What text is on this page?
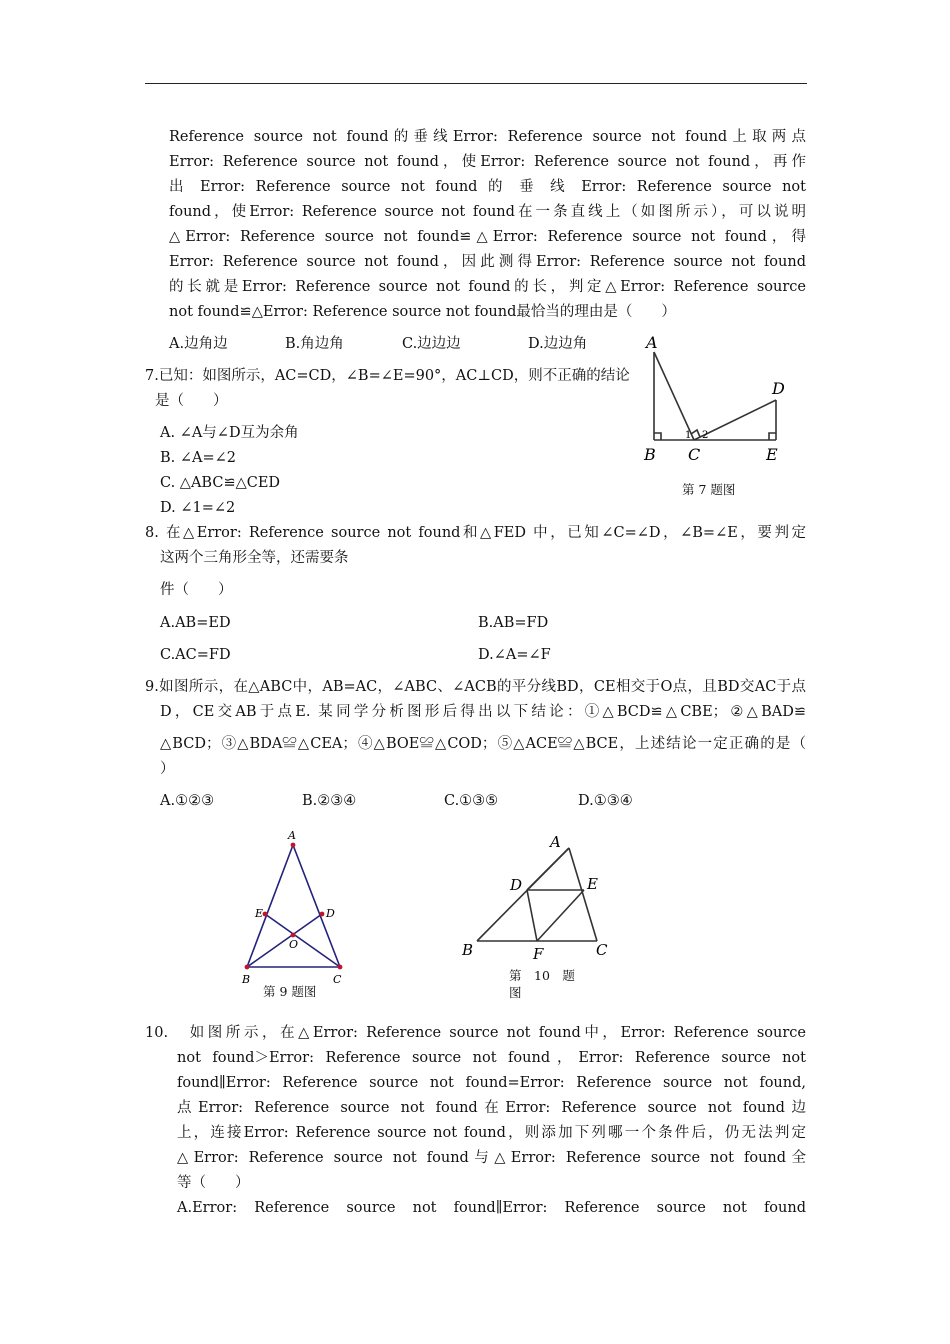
Reference source not found的垂线Error: Reference source not found上取两点
Error: Reference source not found，使Error: Reference source not found，再作
出 Error: Reference source not found 的 垂 线 Error: Reference source not
found，使Error: Reference source not found在一条直线上（如图所示），可以说明
△Error: Reference source not found≌△Error: Reference source not found，得
Error: Reference source not found，因此测得Error: Reference source not found
的长就是Error: Reference source not found的长，判定△Error: Reference source
not found≌△Error: Reference source not found最恰当的理由是（　　）
A.边角边	B.角边角	C.边边边	D.边边角
7.已知：如图所示，AC=CD，∠B=∠E=90°，AC⊥CD，则不正确的结论
是（　　）
A. ∠A与∠D互为余角
B. ∠A=∠2
C. △ABC≌△CED
D. ∠1=∠2
A
B C
D
E
1 2
第 7 题图
8. 在△Error: Reference source not found和△FED 中，已知∠C=∠D，∠B=∠E，要判定
这两个三角形全等，还需要条
件（　　）
A.AB=ED	B.AB=FD
C.AC=FD	D.∠A=∠F
9.如图所示，在△ABC中，AB=AC，∠ABC、∠ACB的平分线BD，CE相交于O点，且BD交AC于点
D，CE交AB于点E. 某同学分析图形后得出以下结论：①△BCD≌△CBE；②△BAD≌
△BCD；③△BDA≌△CEA；④△BOE≌△COD；⑤△ACE≌△BCE，上述结论一定正确的是（
）
A.①②③	B.②③④	C.①③⑤	D.①③④
A
B	C
D
E
O
第 9 题图
A
B	C
D	E
F
第　10　题
图
10.　如图所示，在△Error: Reference source not found中，Error: Reference source
not found＞Error: Reference source not found，Error: Reference source not
found∥Error: Reference source not found=Error: Reference source not found,
点Error: Reference source not found在Error: Reference source not found边
上，连接Error: Reference source not found，则添加下列哪一个条件后，仍无法判定
△Error: Reference source not found与△Error: Reference source not found全
等（　　）
A.Error: Reference source not found∥Error: Reference source not found
